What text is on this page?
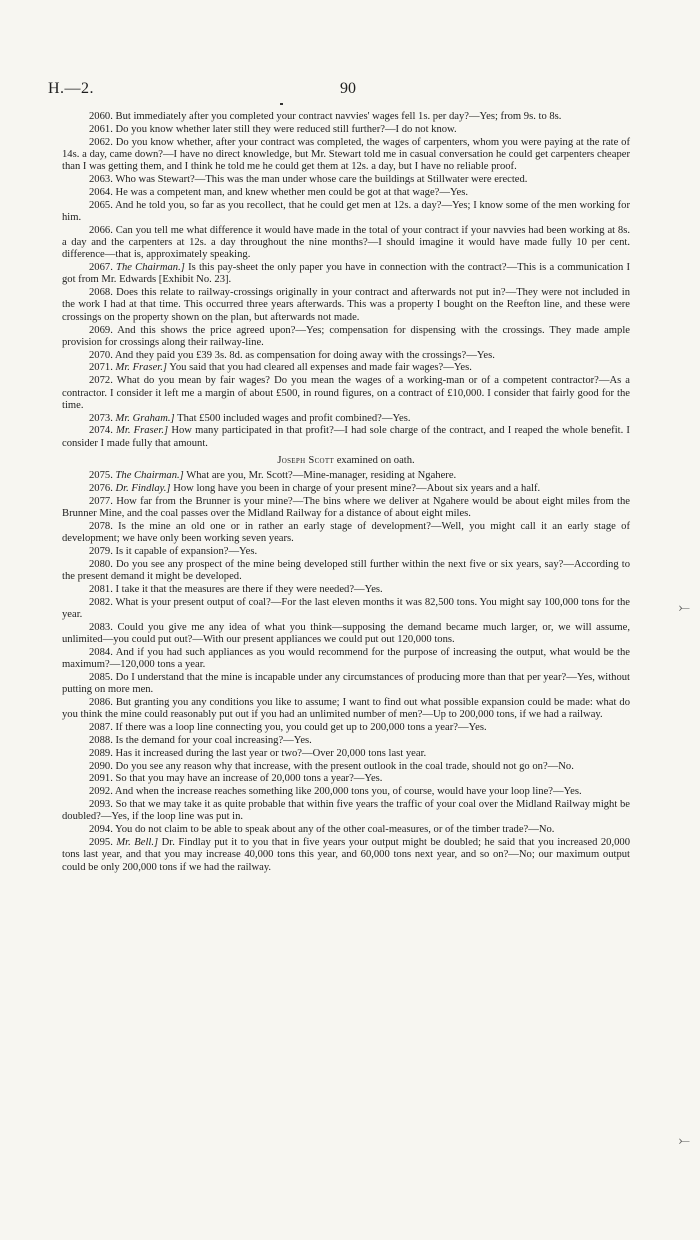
H.—2.	90

2060. But immediately after you completed your contract navvies' wages fell 1s. per day?—Yes; from 9s. to 8s.

2061. Do you know whether later still they were reduced still further?—I do not know.

2062. Do you know whether, after your contract was completed, the wages of carpenters, whom you were paying at the rate of 14s. a day, came down?—I have no direct knowledge, but Mr. Stewart told me in casual conversation he could get carpenters cheaper than I was getting them, and I think he told me he could get them at 12s. a day, but I have no reliable proof.

2063. Who was Stewart?—This was the man under whose care the buildings at Stillwater were erected.

2064. He was a competent man, and knew whether men could be got at that wage?—Yes.

2065. And he told you, so far as you recollect, that he could get men at 12s. a day?—Yes; I know some of the men working for him.

2066. Can you tell me what difference it would have made in the total of your contract if your navvies had been working at 8s. a day and the carpenters at 12s. a day throughout the nine months?—I should imagine it would have made fully 10 per cent. difference—that is, approximately speaking.

2067. The Chairman.] Is this pay-sheet the only paper you have in connection with the contract?—This is a communication I got from Mr. Edwards [Exhibit No. 23].

2068. Does this relate to railway-crossings originally in your contract and afterwards not put in?—They were not included in the work I had at that time. This occurred three years afterwards. This was a property I bought on the Reefton line, and these were crossings on the property shown on the plan, but afterwards not made.

2069. And this shows the price agreed upon?—Yes; compensation for dispensing with the crossings. They made ample provision for crossings along their railway-line.

2070. And they paid you £39 3s. 8d. as compensation for doing away with the crossings?—Yes.

2071. Mr. Fraser.] You said that you had cleared all expenses and made fair wages?—Yes.

2072. What do you mean by fair wages? Do you mean the wages of a working-man or of a competent contractor?—As a contractor. I consider it left me a margin of about £500, in round figures, on a contract of £10,000. I consider that fairly good for the time.

2073. Mr. Graham.] That £500 included wages and profit combined?—Yes.

2074. Mr. Fraser.] How many participated in that profit?—I had sole charge of the contract, and I reaped the whole benefit. I consider I made fully that amount.

Joseph Scott examined on oath.

2075. The Chairman.] What are you, Mr. Scott?—Mine-manager, residing at Ngahere.

2076. Dr. Findlay.] How long have you been in charge of your present mine?—About six years and a half.

2077. How far from the Brunner is your mine?—The bins where we deliver at Ngahere would be about eight miles from the Brunner Mine, and the coal passes over the Midland Railway for a distance of about eight miles.

2078. Is the mine an old one or in rather an early stage of development?—Well, you might call it an early stage of development; we have only been working seven years.

2079. Is it capable of expansion?—Yes.

2080. Do you see any prospect of the mine being developed still further within the next five or six years, say?—According to the present demand it might be developed.

2081. I take it that the measures are there if they were needed?—Yes.

2082. What is your present output of coal?—For the last eleven months it was 82,500 tons. You might say 100,000 tons for the year.

2083. Could you give me any idea of what you think—supposing the demand became much larger, or, we will assume, unlimited—you could put out?—With our present appliances we could put out 120,000 tons.

2084. And if you had such appliances as you would recommend for the purpose of increasing the output, what would be the maximum?—120,000 tons a year.

2085. Do I understand that the mine is incapable under any circumstances of producing more than that per year?—Yes, without putting on more men.

2086. But granting you any conditions you like to assume; I want to find out what possible expansion could be made: what do you think the mine could reasonably put out if you had an unlimited number of men?—Up to 200,000 tons, if we had a railway.

2087. If there was a loop line connecting you, you could get up to 200,000 tons a year?—Yes.

2088. Is the demand for your coal increasing?—Yes.

2089. Has it increased during the last year or two?—Over 20,000 tons last year.

2090. Do you see any reason why that increase, with the present outlook in the coal trade, should not go on?—No.

2091. So that you may have an increase of 20,000 tons a year?—Yes.

2092. And when the increase reaches something like 200,000 tons you, of course, would have your loop line?—Yes.

2093. So that we may take it as quite probable that within five years the traffic of your coal over the Midland Railway might be doubled?—Yes, if the loop line was put in.

2094. You do not claim to be able to speak about any of the other coal-measures, or of the timber trade?—No.

2095. Mr. Bell.] Dr. Findlay put it to you that in five years your output might be doubled; he said that you increased 20,000 tons last year, and that you may increase 40,000 tons this year, and 60,000 tons next year, and so on?—No; our maximum output could be only 200,000 tons if we had the railway.

⤚
⤚
